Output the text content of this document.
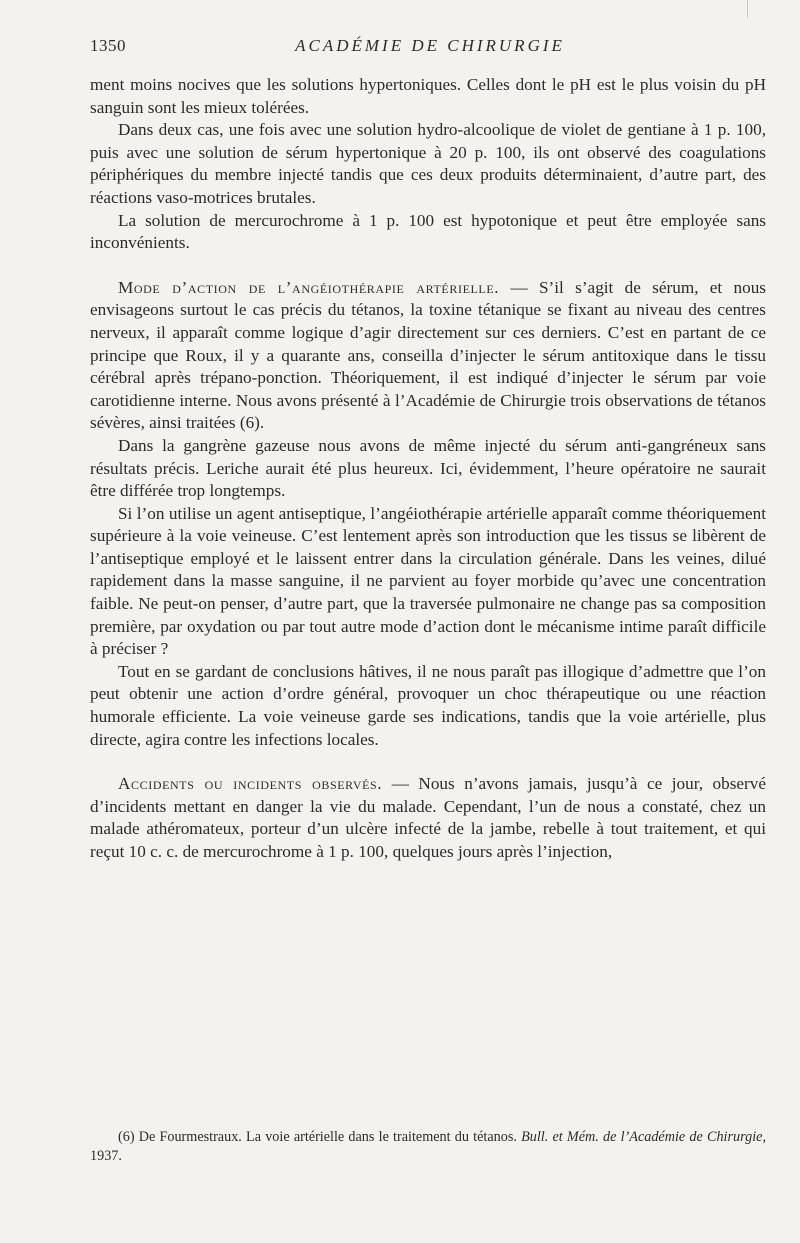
1350	ACADÉMIE DE CHIRURGIE

ment moins nocives que les solutions hypertoniques. Celles dont le pH est le plus voisin du pH sanguin sont les mieux tolérées.

Dans deux cas, une fois avec une solution hydro-alcoolique de violet de gentiane à 1 p. 100, puis avec une solution de sérum hypertonique à 20 p. 100, ils ont observé des coagulations périphériques du membre injecté tandis que ces deux produits déterminaient, d’autre part, des réactions vaso-motrices brutales.

La solution de mercurochrome à 1 p. 100 est hypotonique et peut être employée sans inconvénients.

Mode d’action de l’angéiothérapie artérielle. — S’il s’agit de sérum, et nous envisageons surtout le cas précis du tétanos, la toxine tétanique se fixant au niveau des centres nerveux, il apparaît comme logique d’agir directement sur ces derniers. C’est en partant de ce principe que Roux, il y a quarante ans, conseilla d’injecter le sérum antitoxique dans le tissu cérébral après trépano-ponction. Théoriquement, il est indiqué d’injecter le sérum par voie carotidienne interne. Nous avons présenté à l’Académie de Chirurgie trois observations de tétanos sévères, ainsi traitées (6).

Dans la gangrène gazeuse nous avons de même injecté du sérum anti-gangréneux sans résultats précis. Leriche aurait été plus heureux. Ici, évidemment, l’heure opératoire ne saurait être différée trop longtemps.

Si l’on utilise un agent antiseptique, l’angéiothérapie artérielle apparaît comme théoriquement supérieure à la voie veineuse. C’est lentement après son introduction que les tissus se libèrent de l’antiseptique employé et le laissent entrer dans la circulation générale. Dans les veines, dilué rapidement dans la masse sanguine, il ne parvient au foyer morbide qu’avec une concentration faible. Ne peut-on penser, d’autre part, que la traversée pulmonaire ne change pas sa composition première, par oxydation ou par tout autre mode d’action dont le mécanisme intime paraît difficile à préciser ?

Tout en se gardant de conclusions hâtives, il ne nous paraît pas illogique d’admettre que l’on peut obtenir une action d’ordre général, provoquer un choc thérapeutique ou une réaction humorale efficiente. La voie veineuse garde ses indications, tandis que la voie artérielle, plus directe, agira contre les infections locales.

Accidents ou incidents observés. — Nous n’avons jamais, jusqu’à ce jour, observé d’incidents mettant en danger la vie du malade. Cependant, l’un de nous a constaté, chez un malade athéromateux, porteur d’un ulcère infecté de la jambe, rebelle à tout traitement, et qui reçut 10 c. c. de mercurochrome à 1 p. 100, quelques jours après l’injection,

(6) De Fourmestraux. La voie artérielle dans le traitement du tétanos. Bull. et Mém. de l’Académie de Chirurgie, 1937.
